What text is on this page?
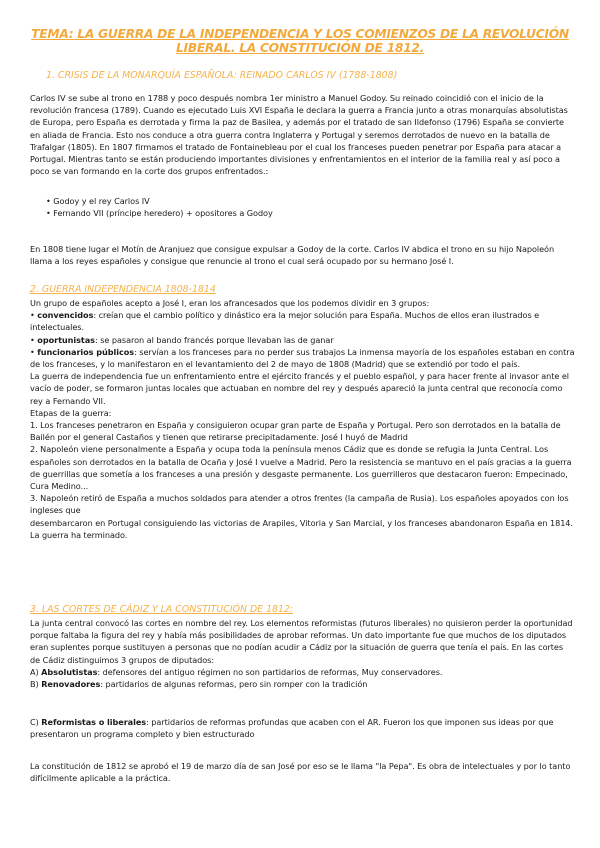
TEMA: LA GUERRA DE LA INDEPENDENCIA Y LOS COMIENZOS DE LA REVOLUCIÓN LIBERAL. LA CONSTITUCIÓN DE 1812.
1. CRISIS DE LA MONARQUÍA ESPAÑOLA: REINADO CARLOS IV (1788-1808)

Carlos IV se sube al trono en 1788 y poco después nombra 1er ministro a Manuel Godoy. Su reinado coincidió con el inicio de la revolución francesa (1789). Cuando es ejecutado Luis XVI España le declara la guerra a Francia junto a otras monarquías absolutistas de Europa, pero España es derrotada y firma la paz de Basilea, y además por el tratado de san Ildefonso (1796) España se convierte en aliada de Francia. Esto nos conduce a otra guerra contra Inglaterra y Portugal y seremos derrotados de nuevo en la batalla de Trafalgar (1805). En 1807 firmamos el tratado de Fontainebleau por el cual los franceses pueden penetrar por España para atacar a Portugal. Mientras tanto se están produciendo importantes divisiones y enfrentamientos en el interior de la familia real y así poco a poco se van formando en la corte dos grupos enfrentados.:

• Godoy y el rey Carlos IV

• Fernando VII (príncipe heredero) + opositores a Godoy

En 1808 tiene lugar el Motín de Aranjuez que consigue expulsar a Godoy de la corte. Carlos IV abdica el trono en su hijo Napoleón llama a los reyes españoles y consigue que renuncie al trono el cual será ocupado por su hermano José I.

2. GUERRA INDEPENDENCIA 1808-1814

Un grupo de españoles acepto a José I, eran los afrancesados que los podemos dividir en 3 grupos:

• convencidos: creían que el cambio político y dinástico era la mejor solución para España. Muchos de ellos eran ilustrados e intelectuales.

• oportunistas: se pasaron al bando francés porque llevaban las de ganar

• funcionarios públicos: servían a los franceses para no perder sus trabajos La inmensa mayoría de los españoles estaban en contra de los franceses, y lo manifestaron en el levantamiento del 2 de mayo de 1808 (Madrid) que se extendió por todo el país.

La guerra de independencia fue un enfrentamiento entre el ejército francés y el pueblo español, y para hacer frente al invasor ante el vacío de poder, se formaron juntas locales que actuaban en nombre del rey y después apareció la junta central que reconocía como rey a Fernando VII.

Etapas de la guerra:

1. Los franceses penetraron en España y consiguieron ocupar gran parte de España y Portugal. Pero son derrotados en la batalla de Bailén por el general Castaños y tienen que retirarse precipitadamente. José I huyó de Madrid

2. Napoleón viene personalmente a España y ocupa toda la península menos Cádiz que es donde se refugia la Junta Central. Los españoles son derrotados en la batalla de Ocaña y José I vuelve a Madrid. Pero la resistencia se mantuvo en el país gracias a la guerra de guerrillas que sometía a los franceses a una presión y desgaste permanente. Los guerrilleros que destacaron fueron: Empecinado, Cura Medino...

3. Napoleón retiró de España a muchos soldados para atender a otros frentes (la campaña de Rusia). Los españoles apoyados con los ingleses que

desembarcaron en Portugal consiguiendo las victorias de Arapiles, Vitoria y San Marcial, y los franceses abandonaron España en 1814. La guerra ha terminado.

3. LAS CORTES DE CÁDIZ Y LA CONSTITUCIÓN DE 1812:

La junta central convocó las cortes en nombre del rey. Los elementos reformistas (futuros liberales) no quisieron perder la oportunidad porque faltaba la figura del rey y había más posibilidades de aprobar reformas. Un dato importante fue que muchos de los diputados eran suplentes porque sustituyen a personas que no podían acudir a Cádiz por la situación de guerra que tenía el país. En las cortes de Cádiz distinguimos 3 grupos de diputados:

A) Absolutistas: defensores del antiguo régimen no son partidarios de reformas, Muy conservadores.

B) Renovadores: partidarios de algunas reformas, pero sin romper con la tradición

C) Reformistas o liberales: partidarios de reformas profundas que acaben con el AR. Fueron los que imponen sus ideas por que presentaron un programa completo y bien estructurado

La constitución de 1812 se aprobó el 19 de marzo día de san José por eso se le llama "la Pepa". Es obra de intelectuales y por lo tanto difícilmente aplicable a la práctica.
